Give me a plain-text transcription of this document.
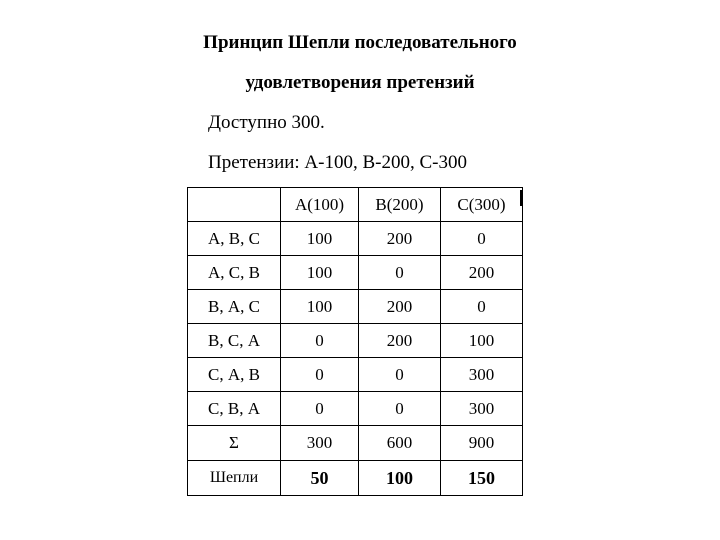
Принцип Шепли последовательного
удовлетворения претензий

Доступно 300.

Претензии: А-100, В-200, С-300

	А(100)	В(200)	С(300)
А, В, С	100	200	0
А, С, В	100	0	200
В, А, С	100	200	0
В, С, А	0	200	100
С, А, В	0	0	300
С, В, А	0	0	300
Σ	300	600	900
Шепли	50	100	150
